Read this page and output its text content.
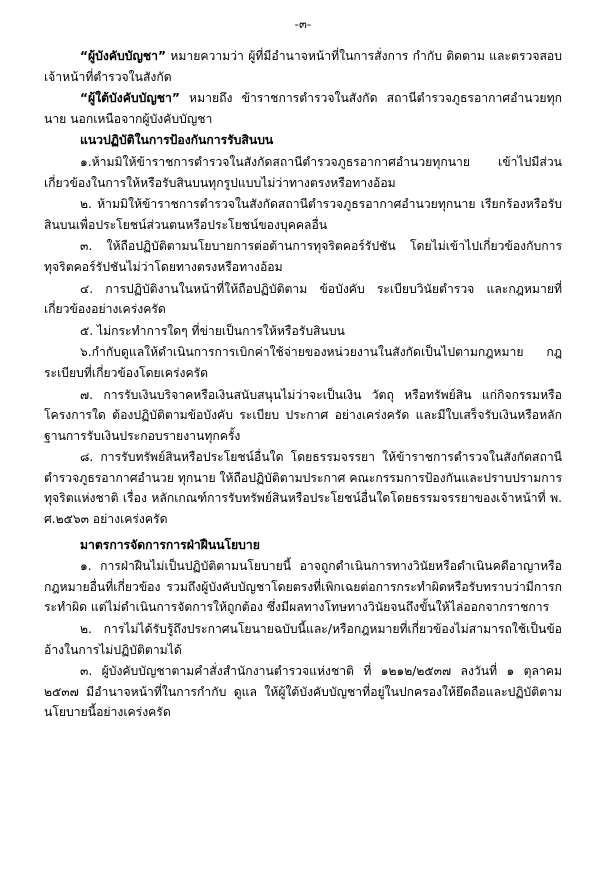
-๓-

“ผู้บังคับบัญชา” หมายความว่า ผู้ที่มีอำนาจหน้าที่ในการสั่งการ กำกับ ติดตาม และตรวจสอบเจ้าหน้าที่ตำรวจในสังกัด

“ผู้ใต้บังคับบัญชา” หมายถึง ข้าราชการตำรวจในสังกัด สถานีตำรวจภูธรอากาศอำนวยทุกนาย นอกเหนือจากผู้บังคับบัญชา

แนวปฏิบัติในการป้องกันการรับสินบน

๑.ห้ามมิให้ข้าราชการตำรวจในสังกัดสถานีตำรวจภูธรอากาศอำนวยทุกนาย เข้าไปมีส่วนเกี่ยวข้องในการให้หรือรับสินบนทุกรูปแบบไม่ว่าทางตรงหรือทางอ้อม

๒. ห้ามมิให้ข้าราชการตำรวจในสังกัดสถานีตำรวจภูธรอากาศอำนวยทุกนาย เรียกร้องหรือรับสินบนเพื่อประโยชน์ส่วนตนหรือประโยชน์ของบุคคลอื่น

๓. ให้ถือปฏิบัติตามนโยบายการต่อต้านการทุจริตคอร์รัปชัน โดยไม่เข้าไปเกี่ยวข้องกับการทุจริตคอร์รัปชันไม่ว่าโดยทางตรงหรือทางอ้อม

๔. การปฏิบัติงานในหน้าที่ให้ถือปฏิบัติตาม ข้อบังคับ ระเบียบวินัยตำรวจ และกฎหมายที่เกี่ยวข้องอย่างเคร่งครัด

๕. ไม่กระทำการใดๆ ที่ข่ายเป็นการให้หรือรับสินบน

๖.กำกับดูแลให้ดำเนินการการเบิกค่าใช้จ่ายของหน่วยงานในสังกัดเป็นไปตามกฎหมาย กฎระเบียบที่เกี่ยวข้องโดยเคร่งครัด

๗. การรับเงินบริจาคหรือเงินสนับสนุนไม่ว่าจะเป็นเงิน วัตถุ หรือทรัพย์สิน แก่กิจกรรมหรือโครงการใด ต้องปฏิบัติตามข้อบังคับ ระเบียบ ประกาศ อย่างเคร่งครัด และมีใบเสร็จรับเงินหรือหลักฐานการรับเงินประกอบรายงานทุกครั้ง

๘. การรับทรัพย์สินหรือประโยชน์อื่นใด โดยธรรมจรรยา ให้ข้าราชการตำรวจในสังกัดสถานีตำรวจภูธรอากาศอำนวย ทุกนาย ให้ถือปฏิบัติตามประกาศ คณะกรรมการป้องกันและปราบปรามการทุจริตแห่งชาติ เรื่อง หลักเกณฑ์การรับทรัพย์สินหรือประโยชน์อื่นใดโดยธรรมจรรยาของเจ้าหน้าที่ พ. ศ.๒๕๖๓ อย่างเคร่งครัด

มาตรการจัดการการฝ่าฝืนนโยบาย

๑. การฝ่าฝืนไม่เป็นปฏิบัติตามนโยบายนี้ อาจถูกดำเนินการทางวินัยหรือดำเนินคดีอาญาหรือกฎหมายอื่นที่เกี่ยวข้อง รวมถึงผู้บังคับบัญชาโดยตรงที่เพิกเฉยต่อการกระทำผิดหรือรับทราบว่ามีการกระทำผิด แต่ไม่ดำเนินการจัดการให้ถูกต้อง ซึ่งมีผลทางโทษทางวินัยจนถึงขั้นให้ไล่ออกจากราชการ

๒. การไม่ได้รับรู้ถึงประกาศนโยนายฉบับนี้และ/หรือกฎหมายที่เกี่ยวข้องไม่สามารถใช้เป็นข้ออ้างในการไม่ปฏิบัติตามได้

๓. ผู้บังคับบัญชาตามคำสั่งสำนักงานตำรวจแห่งชาติ ที่ ๑๒๑๒/๒๕๓๗ ลงวันที่ ๑ ตุลาคม ๒๕๓๗ มีอำนาจหน้าที่ในการกำกับ ดูแล ให้ผู้ใต้บังคับบัญชาที่อยู่ในปกครองให้ยึดถือและปฏิบัติตามนโยบายนี้อย่างเคร่งครัด
